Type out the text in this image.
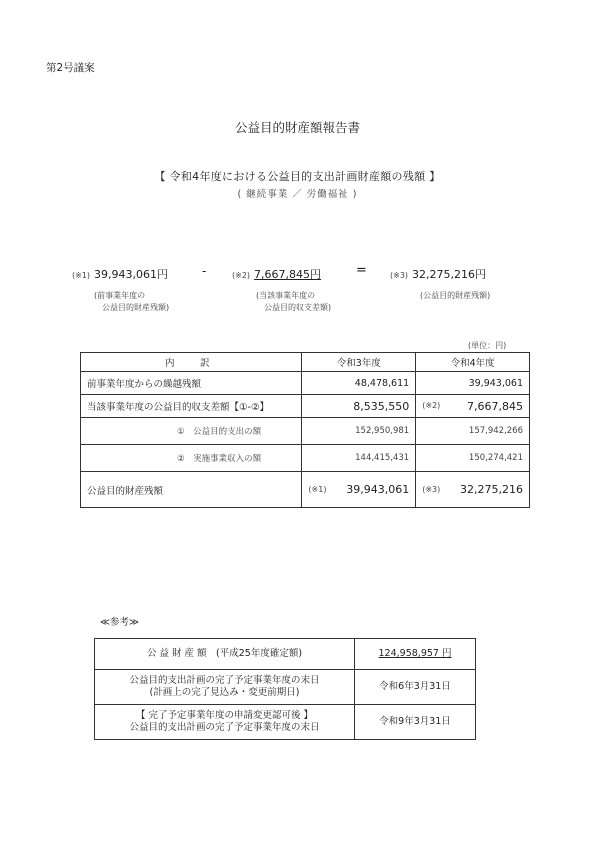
第2号議案
公益目的財産額報告書
【 令和4年度における公益目的支出計画財産額の残額 】
( 継続事業 ／ 労働福祉 )
(※1) 39,943,061円	-	(※2) 7,667,845円	=	(※3) 32,275,216円
(前事業年度の
公益目的財産残額)
(当該事業年度の
公益目的収支差額)
(公益目的財産残額)
(単位：円)
内　訳	令和3年度	令和4年度
前事業年度からの繰越残額	48,478,611	39,943,061
当該事業年度の公益目的収支差額【①-②】	8,535,550	(※2) 7,667,845
①　公益目的支出の額	152,950,981	157,942,266
②　実施事業収入の額	144,415,431	150,274,421
公益目的財産残額	(※1) 39,943,061	(※3) 32,275,216
≪参考≫
公 益 財 産 額　(平成25年度確定額)	124,958,957 円

公益目的支出計画の完了予定事業年度の末日
(計画上の完了見込み・変更前期日)	令和6年3月31日

【 完了予定事業年度の申請変更認可後 】
公益目的支出計画の完了予定事業年度の末日	令和9年3月31日
